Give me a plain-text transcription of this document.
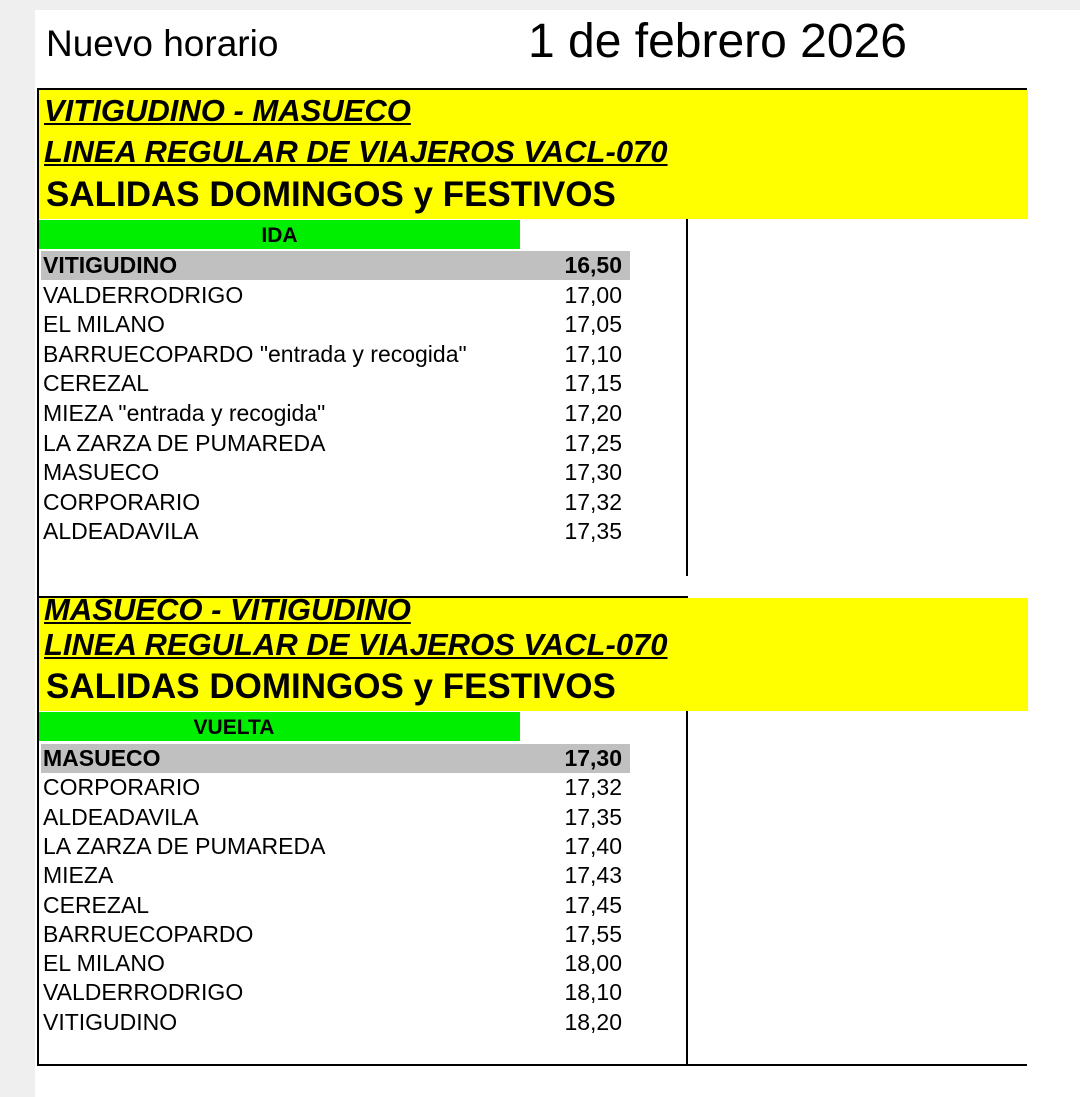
Nuevo horario	1 de febrero 2026
VITIGUDINO - MASUECO
LINEA REGULAR DE VIAJEROS VACL-070
SALIDAS DOMINGOS y FESTIVOS
IDA
VITIGUDINO	16,50
VALDERRODRIGO	17,00
EL MILANO	17,05
BARRUECOPARDO "entrada y recogida"	17,10
CEREZAL	17,15
MIEZA "entrada y recogida"	17,20
LA ZARZA DE PUMAREDA	17,25
MASUECO	17,30
CORPORARIO	17,32
ALDEADAVILA	17,35
MASUECO - VITIGUDINO
LINEA REGULAR DE VIAJEROS VACL-070
SALIDAS DOMINGOS y FESTIVOS
VUELTA
MASUECO	17,30
CORPORARIO	17,32
ALDEADAVILA	17,35
LA ZARZA DE PUMAREDA	17,40
MIEZA	17,43
CEREZAL	17,45
BARRUECOPARDO	17,55
EL MILANO	18,00
VALDERRODRIGO	18,10
VITIGUDINO	18,20
